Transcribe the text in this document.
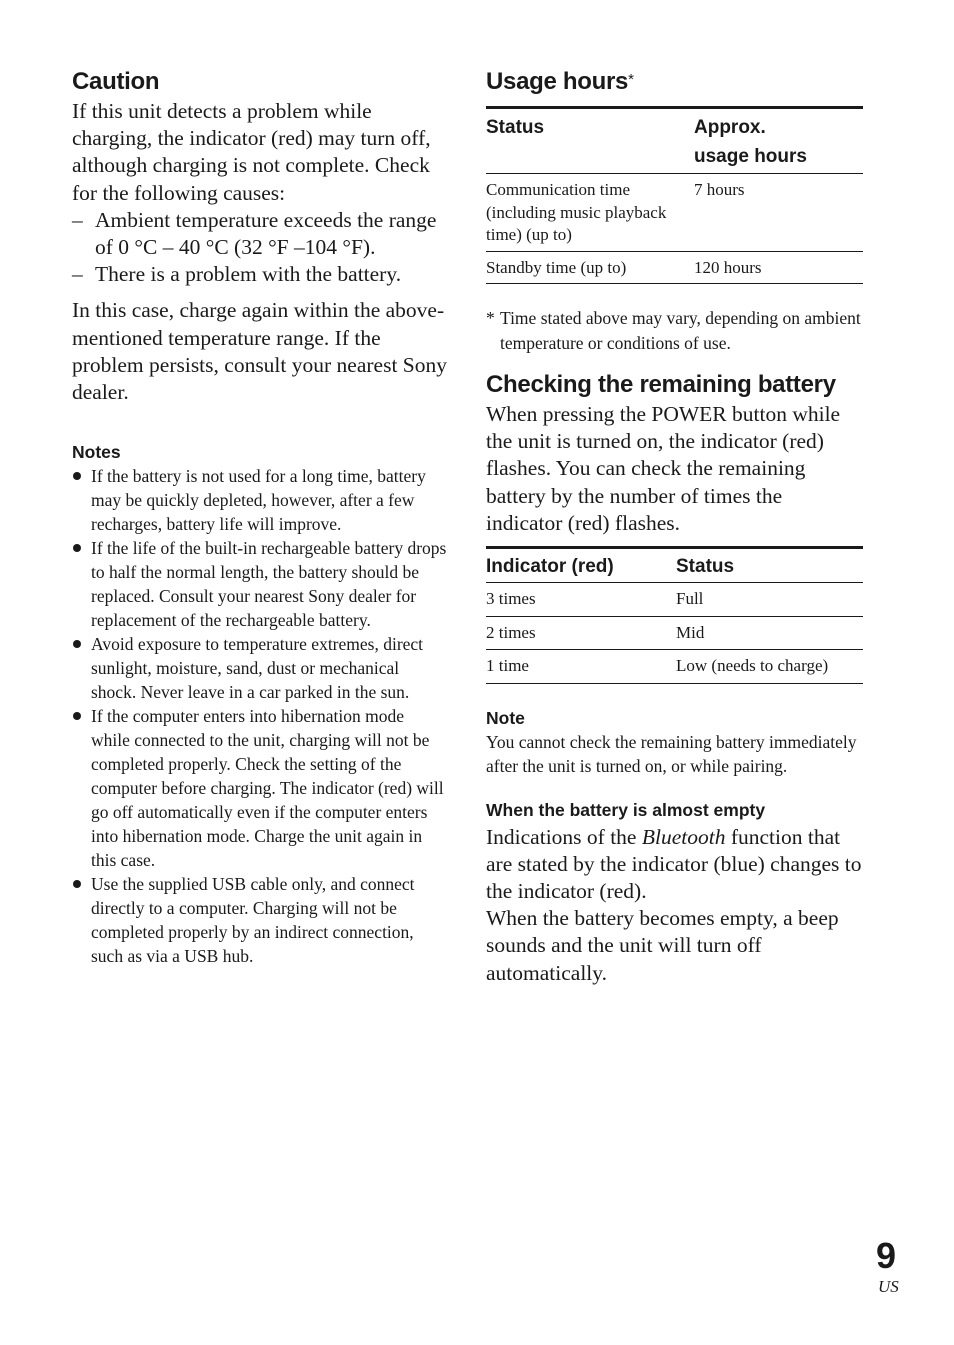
Caution

If this unit detects a problem while charging, the indicator (red) may turn off, although charging is not complete. Check for the following causes:

– Ambient temperature exceeds the range of 0 °C – 40 °C (32 °F –104 °F).
– There is a problem with the battery.

In this case, charge again within the above-mentioned temperature range. If the problem persists, consult your nearest Sony dealer.

Notes
If the battery is not used for a long time, battery may be quickly depleted, however, after a few recharges, battery life will improve.
If the life of the built-in rechargeable battery drops to half the normal length, the battery should be replaced. Consult your nearest Sony dealer for replacement of the rechargeable battery.
Avoid exposure to temperature extremes, direct sunlight, moisture, sand, dust or mechanical shock. Never leave in a car parked in the sun.
If the computer enters into hibernation mode while connected to the unit, charging will not be completed properly. Check the setting of the computer before charging. The indicator (red) will go off automatically even if the computer enters into hibernation mode. Charge the unit again in this case.
Use the supplied USB cable only, and connect directly to a computer. Charging will not be completed properly by an indirect connection, such as via a USB hub.
Usage hours*
Status	Approx.
usage hours
Communication time (including music playback time) (up to)	7 hours
Standby time (up to)	120 hours

* Time stated above may vary, depending on ambient temperature or conditions of use.

Checking the remaining battery

When pressing the POWER button while the unit is turned on, the indicator (red) flashes. You can check the remaining battery by the number of times the indicator (red) flashes.

Indicator (red)	Status
3 times	Full
2 times	Mid
1 time	Low (needs to charge)
Note

You cannot check the remaining battery immediately after the unit is turned on, or while pairing.

When the battery is almost empty

Indications of the Bluetooth function that are stated by the indicator (blue) changes to the indicator (red).

When the battery becomes empty, a beep sounds and the unit will turn off automatically.

9
US
